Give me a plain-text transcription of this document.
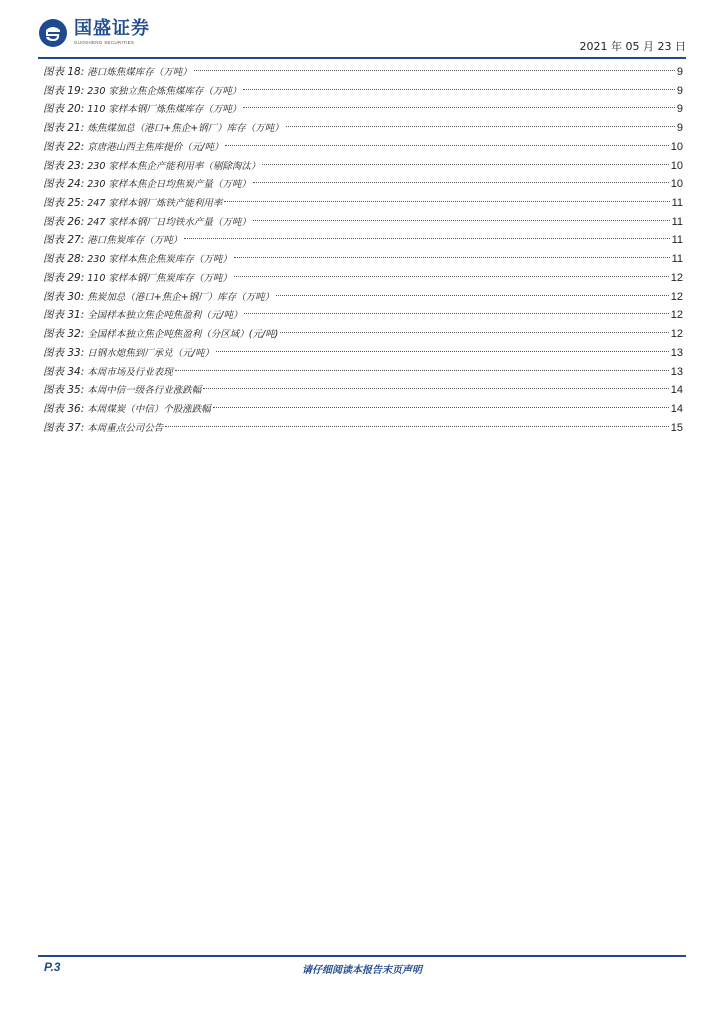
国盛证券
GUOSHENG SECURITIES	2021 年 05 月 23 日
图表 18: 港口炼焦煤库存（万吨）	9
图表 19: 230 家独立焦企炼焦煤库存（万吨）	9
图表 20: 110 家样本钢厂炼焦煤库存（万吨）	9
图表 21: 炼焦煤加总（港口+焦企+钢厂）库存（万吨）	9
图表 22: 京唐港山西主焦库提价（元/吨）	10
图表 23: 230 家样本焦企产能利用率（剔除淘汰）	10
图表 24: 230 家样本焦企日均焦炭产量（万吨）	10
图表 25: 247 家样本钢厂炼铁产能利用率	11
图表 26: 247 家样本钢厂日均铁水产量（万吨）	11
图表 27: 港口焦炭库存（万吨）	11
图表 28: 230 家样本焦企焦炭库存（万吨）	11
图表 29: 110 家样本钢厂焦炭库存（万吨）	12
图表 30: 焦炭加总（港口+焦企+钢厂）库存（万吨）	12
图表 31: 全国样本独立焦企吨焦盈利（元/吨）	12
图表 32: 全国样本独立焦企吨焦盈利（分区域）(元/吨)	12
图表 33: 日钢水熄焦到厂承兑（元/吨）	13
图表 34: 本周市场及行业表现	13
图表 35: 本周中信一级各行业涨跌幅	14
图表 36: 本周煤炭（中信）个股涨跌幅	14
图表 37: 本周重点公司公告	15
P.3	请仔细阅读本报告末页声明
